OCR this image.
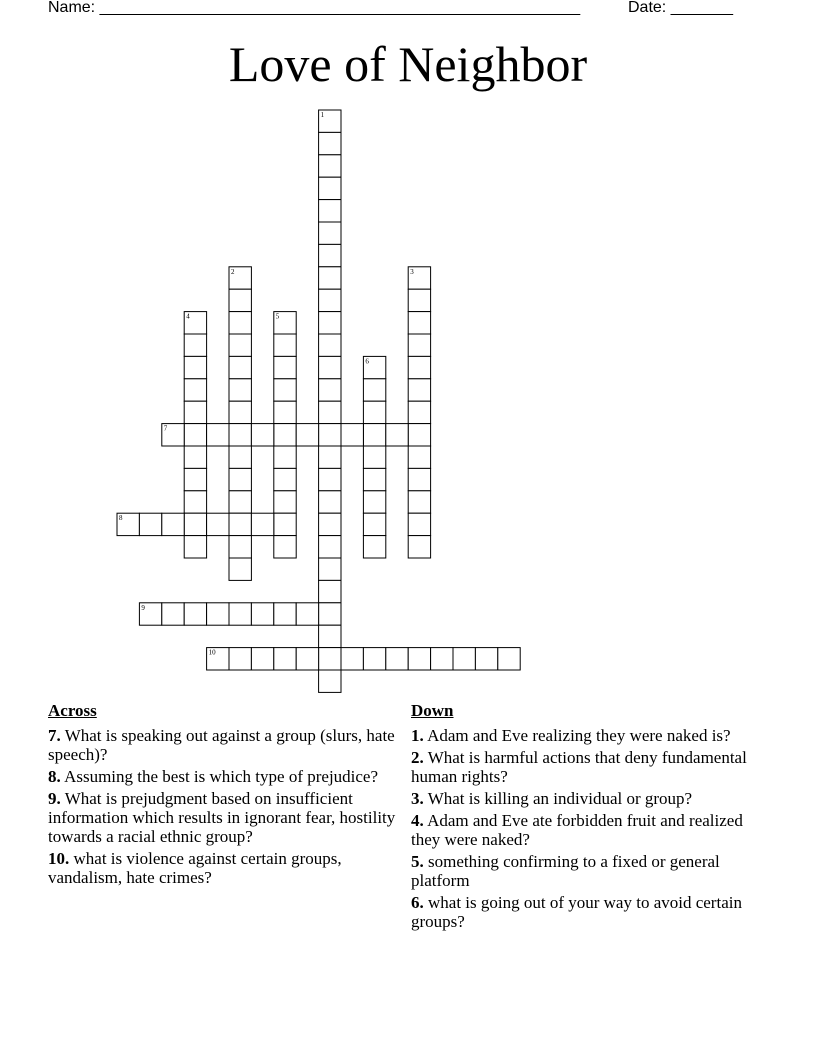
Name: ______________________________________________________	Date: _______
Love of Neighbor
1
2	3
4	5
6
7
8
9
10
Across
7. What is speaking out against a group (slurs, hate speech)?
8. Assuming the best is which type of prejudice?
9. What is prejudgment based on insufficient information which results in ignorant fear, hostility towards a racial ethnic group?
10. what is violence against certain groups, vandalism, hate crimes?
Down
1. Adam and Eve realizing they were naked is?
2. What is harmful actions that deny fundamental human rights?
3. What is killing an individual or group?
4. Adam and Eve ate forbidden fruit and realized they were naked?
5. something confirming to a fixed or general platform
6. what is going out of your way to avoid certain groups?
